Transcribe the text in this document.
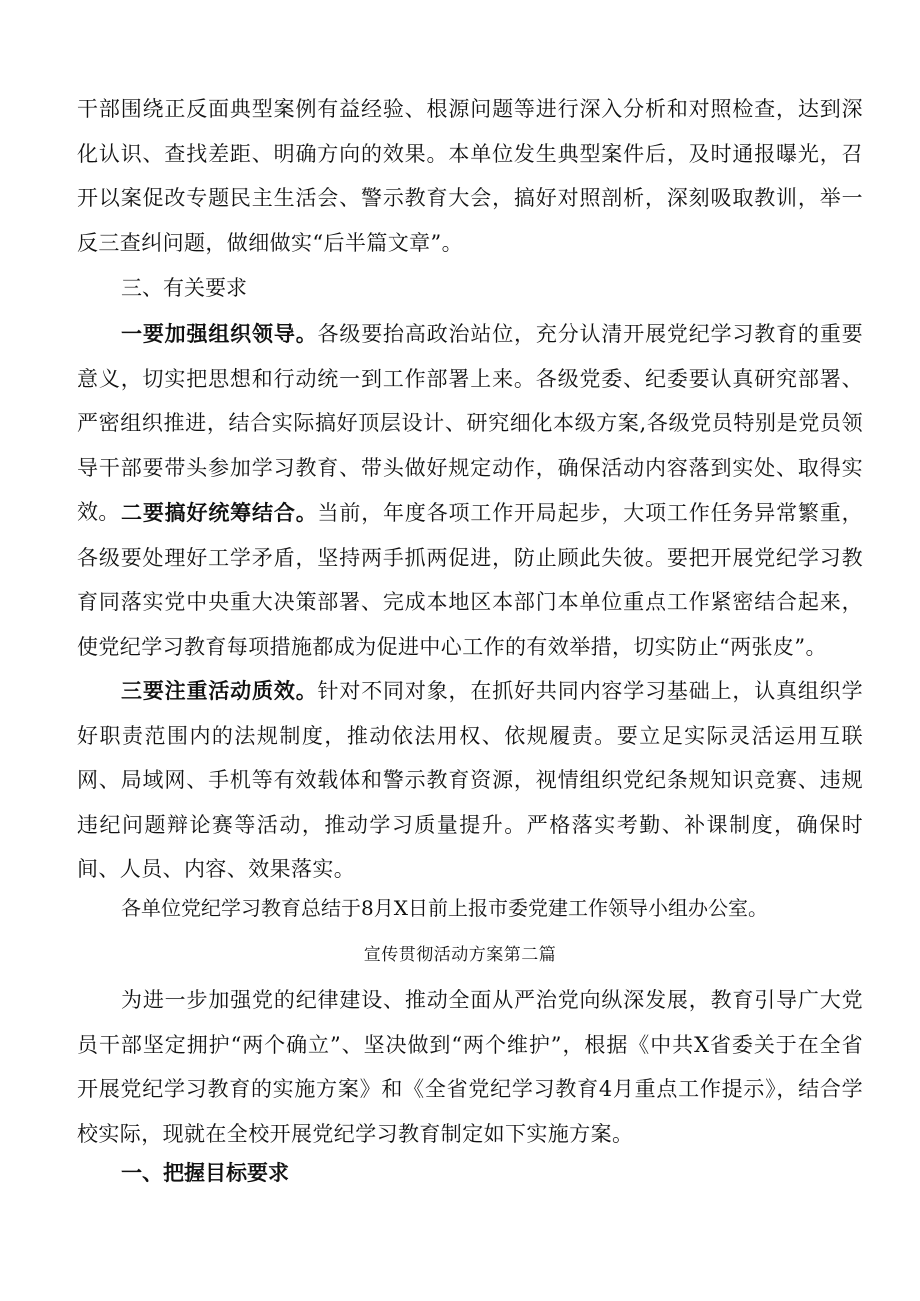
干部围绕正反面典型案例有益经验、根源问题等进行深入分析和对照检查，达到深化认识、查找差距、明确方向的效果。本单位发生典型案件后，及时通报曝光，召开以案促改专题民主生活会、警示教育大会，搞好对照剖析，深刻吸取教训，举一反三查纠问题，做细做实“后半篇文章”。

三、有关要求

一要加强组织领导。各级要抬高政治站位，充分认清开展党纪学习教育的重要意义，切实把思想和行动统一到工作部署上来。各级党委、纪委要认真研究部署、严密组织推进，结合实际搞好顶层设计、研究细化本级方案,各级党员特别是党员领导干部要带头参加学习教育、带头做好规定动作，确保活动内容落到实处、取得实效。 二要搞好统筹结合。当前，年度各项工作开局起步，大项工作任务异常繁重，各级要处理好工学矛盾，坚持两手抓两促进，防止顾此失彼。要把开展党纪学习教育同落实党中央重大决策部署、完成本地区本部门本单位重点工作紧密结合起来，使党纪学习教育每项措施都成为促进中心工作的有效举措，切实防止“两张皮”。

三要注重活动质效。针对不同对象，在抓好共同内容学习基础上，认真组织学好职责范围内的法规制度，推动依法用权、依规履责。要立足实际灵活运用互联网、局域网、手机等有效载体和警示教育资源，视情组织党纪条规知识竞赛、违规违纪问题辩论赛等活动，推动学习质量提升。严格落实考勤、补课制度，确保时间、人员、内容、效果落实。

各单位党纪学习教育总结于8月X日前上报市委党建工作领导小组办公室。

宣传贯彻活动方案第二篇

为进一步加强党的纪律建设、推动全面从严治党向纵深发展，教育引导广大党员干部坚定拥护“两个确立”、坚决做到“两个维护”，根据《中共X省委关于在全省开展党纪学习教育的实施方案》和《全省党纪学习教育4月重点工作提示》，结合学校实际，现就在全校开展党纪学习教育制定如下实施方案。

一、把握目标要求
